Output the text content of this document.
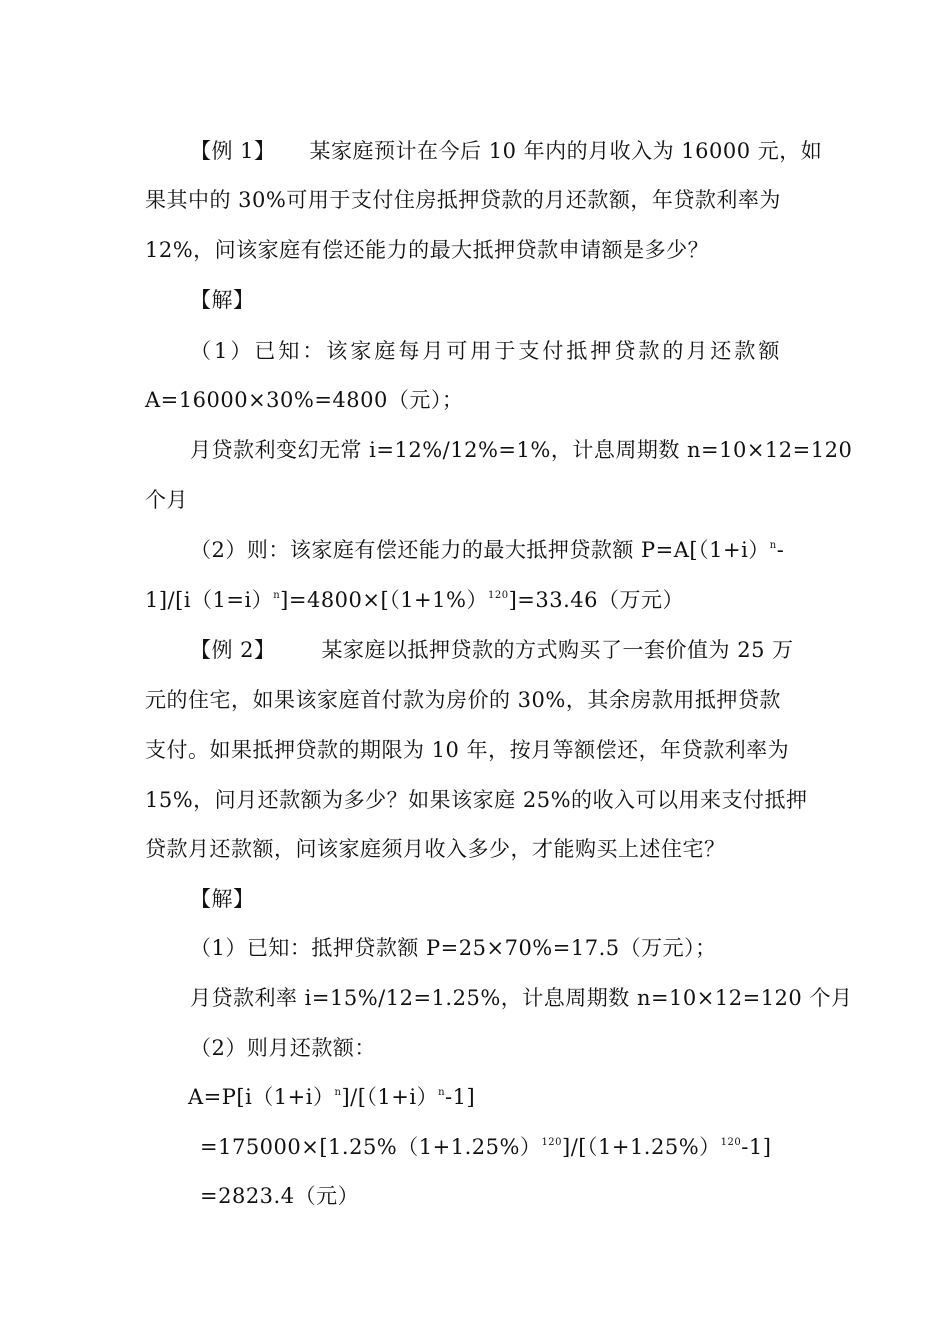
【例 1】 某家庭预计在今后 10 年内的月收入为 16000 元，如
果其中的 30%可用于支付住房抵押贷款的月还款额，年贷款利率为
12%，问该家庭有偿还能力的最大抵押贷款申请额是多少？
【解】
（1）已知：该家庭每月可用于支付抵押贷款的月还款额
A=16000×30%=4800（元）；
月贷款利变幻无常 i=12%/12%=1%，计息周期数 n=10×12=120
个月
（2）则：该家庭有偿还能力的最大抵押贷款额 $P=A[(1+i)^n-$
$1]/[i(1=i)^n]=4800\times[(1+1\%)^{120}]=33.46$（万元）
【例 2】 某家庭以抵押贷款的方式购买了一套价值为 25 万
元的住宅，如果该家庭首付款为房价的 30%，其余房款用抵押贷款
支付。如果抵押贷款的期限为 10 年，按月等额偿还，年贷款利率为
15%，问月还款额为多少？如果该家庭 25%的收入可以用来支付抵押
贷款月还款额，问该家庭须月收入多少，才能购买上述住宅？
【解】
（1）已知：抵押贷款额 P=25×70%=17.5（万元）；
月贷款利率 i=15%/12=1.25%，计息周期数 n=10×12=120 个月
（2）则月还款额：
$A=P[i(1+i)^n]/[(1+i)^n-1]$
$=175000\times[1.25\%(1+1.25\%)^{120}]/[(1+1.25\%)^{120}-1]$
=2823.4（元）
